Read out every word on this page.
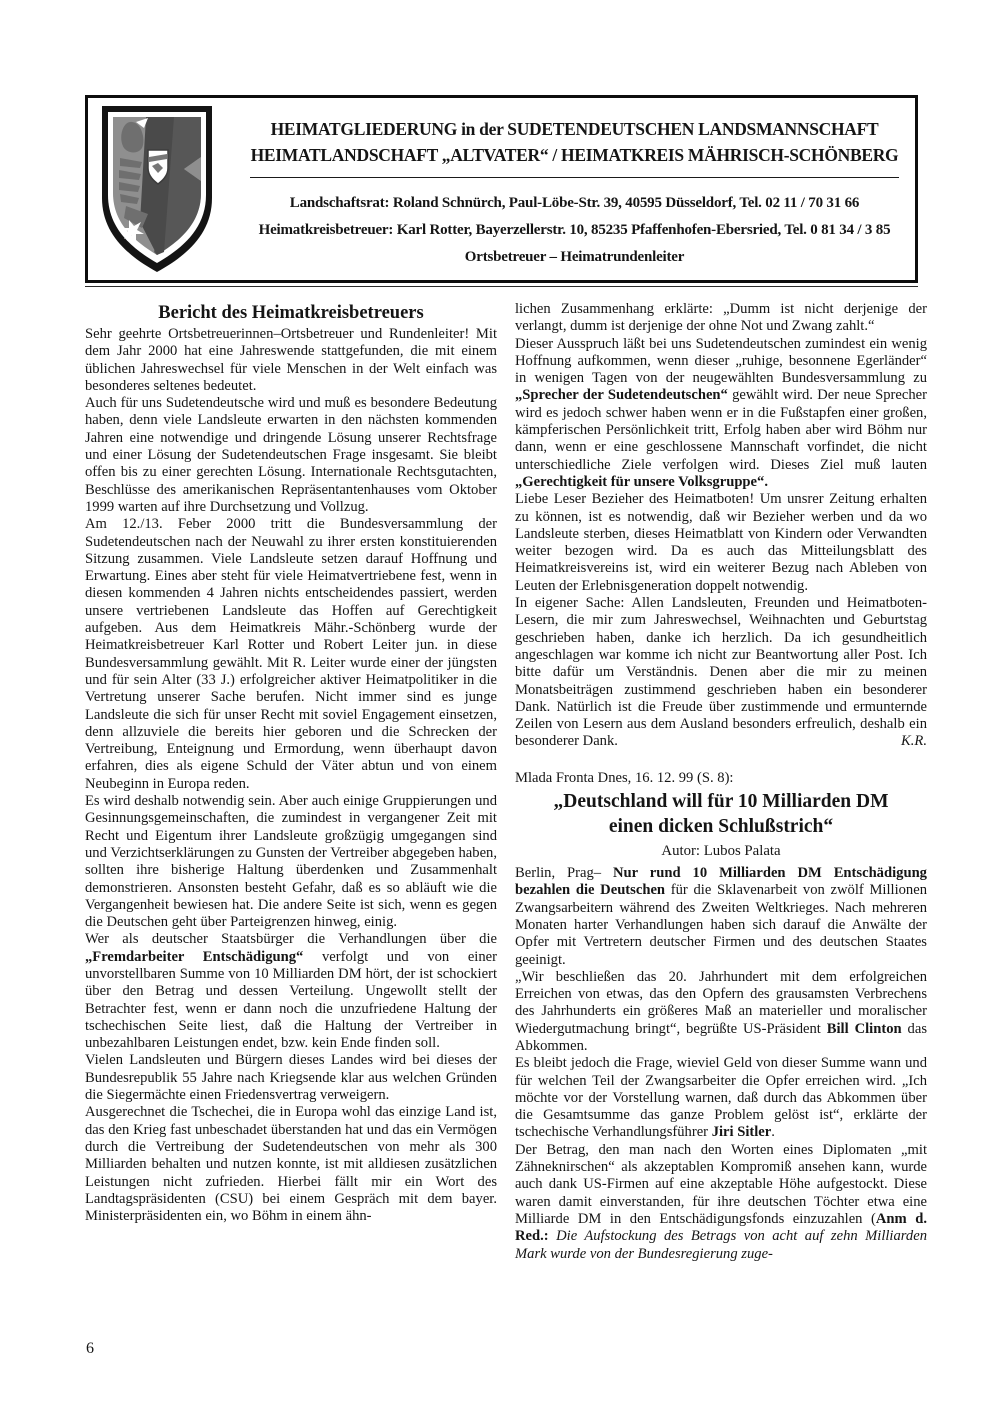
HEIMATGLIEDERUNG in der SUDETENDEUTSCHEN LANDSMANNSCHAFT
HEIMATLANDSCHAFT „ALTVATER“ / HEIMATKREIS MÄHRISCH-SCHÖNBERG
Landschaftsrat: Roland Schnürch, Paul-Löbe-Str. 39, 40595 Düsseldorf, Tel. 02 11 / 70 31 66
Heimatkreisbetreuer: Karl Rotter, Bayerzellerstr. 10, 85235 Pfaffenhofen-Ebersried, Tel. 0 81 34 / 3 85
Ortsbetreuer – Heimatrundenleiter
Bericht des Heimatkreisbetreuers

Sehr geehrte Ortsbetreuerinnen–Ortsbetreuer und Rundenleiter! Mit dem Jahr 2000 hat eine Jahreswende stattgefunden, die mit einem üblichen Jahreswechsel für viele Menschen in der Welt einfach was besonderes seltenes bedeutet.

Auch für uns Sudetendeutsche wird und muß es besondere Bedeutung haben, denn viele Landsleute erwarten in den nächsten kommenden Jahren eine notwendige und dringende Lösung unserer Rechtsfrage und einer Lösung der Sudetendeutschen Frage insgesamt. Sie bleibt offen bis zu einer gerechten Lösung. Internationale Rechtsgutachten, Beschlüsse des amerikanischen Repräsentantenhauses vom Oktober 1999 warten auf ihre Durchsetzung und Vollzug.

Am 12./13. Feber 2000 tritt die Bundesversammlung der Sudetendeutschen nach der Neuwahl zu ihrer ersten konstituierenden Sitzung zusammen. Viele Landsleute setzen darauf Hoffnung und Erwartung. Eines aber steht für viele Heimatvertriebene fest, wenn in diesen kommenden 4 Jahren nichts entscheidendes passiert, werden unsere vertriebenen Landsleute das Hoffen auf Gerechtigkeit aufgeben. Aus dem Heimatkreis Mähr.-Schönberg wurde der Heimatkreisbetreuer Karl Rotter und Robert Leiter jun. in diese Bundesversammlung gewählt. Mit R. Leiter wurde einer der jüngsten und für sein Alter (33 J.) erfolgreicher aktiver Heimatpolitiker in die Vertretung unserer Sache berufen. Nicht immer sind es junge Landsleute die sich für unser Recht mit soviel Engagement einsetzen, denn allzuviele die bereits hier geboren und die Schrecken der Vertreibung, Enteignung und Ermordung, wenn überhaupt davon erfahren, dies als eigene Schuld der Väter abtun und von einem Neubeginn in Europa reden.

Es wird deshalb notwendig sein. Aber auch einige Gruppierungen und Gesinnungsgemeinschaften, die zumindest in vergangener Zeit mit Recht und Eigentum ihrer Landsleute großzügig umgegangen sind und Verzichtserklärungen zu Gunsten der Vertreiber abgegeben haben, sollten ihre bisherige Haltung überdenken und Zusammenhalt demonstrieren. Ansonsten besteht Gefahr, daß es so abläuft wie die Vergangenheit bewiesen hat. Die andere Seite ist sich, wenn es gegen die Deutschen geht über Parteigrenzen hinweg, einig.

Wer als deutscher Staatsbürger die Verhandlungen über die „Fremdarbeiter Entschädigung“ verfolgt und von einer unvorstellbaren Summe von 10 Milliarden DM hört, der ist schockiert über den Betrag und dessen Verteilung. Ungewollt stellt der Betrachter fest, wenn er dann noch die unzufriedene Haltung der tschechischen Seite liest, daß die Haltung der Vertreiber in unbezahlbaren Leistungen endet, bzw. kein Ende finden soll.

Vielen Landsleuten und Bürgern dieses Landes wird bei dieses der Bundesrepublik 55 Jahre nach Kriegsende klar aus welchen Gründen die Siegermächte einen Friedensvertrag verweigern.

Ausgerechnet die Tschechei, die in Europa wohl das einzige Land ist, das den Krieg fast unbeschadet überstanden hat und das ein Vermögen durch die Vertreibung der Sudetendeutschen von mehr als 300 Milliarden behalten und nutzen konnte, ist mit alldiesen zusätzlichen Leistungen nicht zufrieden. Hierbei fällt mir ein Wort des Landtagspräsidenten (CSU) bei einem Gespräch mit dem bayer. Ministerpräsidenten ein, wo Böhm in einem ähn-

lichen Zusammenhang erklärte: „Dumm ist nicht derjenige der verlangt, dumm ist derjenige der ohne Not und Zwang zahlt.“

Dieser Ausspruch läßt bei uns Sudetendeutschen zumindest ein wenig Hoffnung aufkommen, wenn dieser „ruhige, besonnene Egerländer“ in wenigen Tagen von der neugewählten Bundesversammlung zu „Sprecher der Sudetendeutschen“ gewählt wird. Der neue Sprecher wird es jedoch schwer haben wenn er in die Fußstapfen einer großen, kämpferischen Persönlichkeit tritt, Erfolg haben aber wird Böhm nur dann, wenn er eine geschlossene Mannschaft vorfindet, die nicht unterschiedliche Ziele verfolgen wird. Dieses Ziel muß lauten „Gerechtigkeit für unsere Volksgruppe“.

Liebe Leser Bezieher des Heimatboten! Um unsrer Zeitung erhalten zu können, ist es notwendig, daß wir Bezieher werben und da wo Landsleute sterben, dieses Heimatblatt von Kindern oder Verwandten weiter bezogen wird. Da es auch das Mitteilungsblatt des Heimatkreisvereins ist, wird ein weiterer Bezug nach Ableben von Leuten der Erlebnisgeneration doppelt notwendig.

In eigener Sache: Allen Landsleuten, Freunden und Heimatboten-Lesern, die mir zum Jahreswechsel, Weihnachten und Geburtstag geschrieben haben, danke ich herzlich. Da ich gesundheitlich angeschlagen war komme ich nicht zur Beantwortung aller Post. Ich bitte dafür um Verständnis. Denen aber die mir zu meinen Monatsbeiträgen zustimmend geschrieben haben ein besonderer Dank. Natürlich ist die Freude über zustimmende und ermunternde Zeilen von Lesern aus dem Ausland besonders erfreulich, deshalb ein besonderer Dank.	K.R.

Mlada Fronta Dnes, 16. 12. 99 (S. 8):

„Deutschland will für 10 Milliarden DM einen dicken Schlußstrich“
Autor: Lubos Palata

Berlin, Prag– Nur rund 10 Milliarden DM Entschädigung bezahlen die Deutschen für die Sklavenarbeit von zwölf Millionen Zwangsarbeitern während des Zweiten Weltkrieges. Nach mehreren Monaten harter Verhandlungen haben sich darauf die Anwälte der Opfer mit Vertretern deutscher Firmen und des deutschen Staates geeinigt.

„Wir beschließen das 20. Jahrhundert mit dem erfolgreichen Erreichen von etwas, das den Opfern des grausamsten Verbrechens des Jahrhunderts ein größeres Maß an materieller und moralischer Wiedergutmachung bringt“, begrüßte US-Präsident Bill Clinton das Abkommen.

Es bleibt jedoch die Frage, wieviel Geld von dieser Summe wann und für welchen Teil der Zwangsarbeiter die Opfer erreichen wird. „Ich möchte vor der Vorstellung warnen, daß durch das Abkommen über die Gesamtsumme das ganze Problem gelöst ist“, erklärte der tschechische Verhandlungsführer Jiri Sitler.

Der Betrag, den man nach den Worten eines Diplomaten „mit Zähneknirschen“ als akzeptablen Kompromiß ansehen kann, wurde auch dank US-Firmen auf eine akzeptable Höhe aufgestockt. Diese waren damit einverstanden, für ihre deutschen Töchter etwa eine Milliarde DM in den Entschädigungsfonds einzuzahlen (Anm d. Red.: Die Aufstockung des Betrags von acht auf zehn Milliarden Mark wurde von der Bundesregierung zuge-

6
